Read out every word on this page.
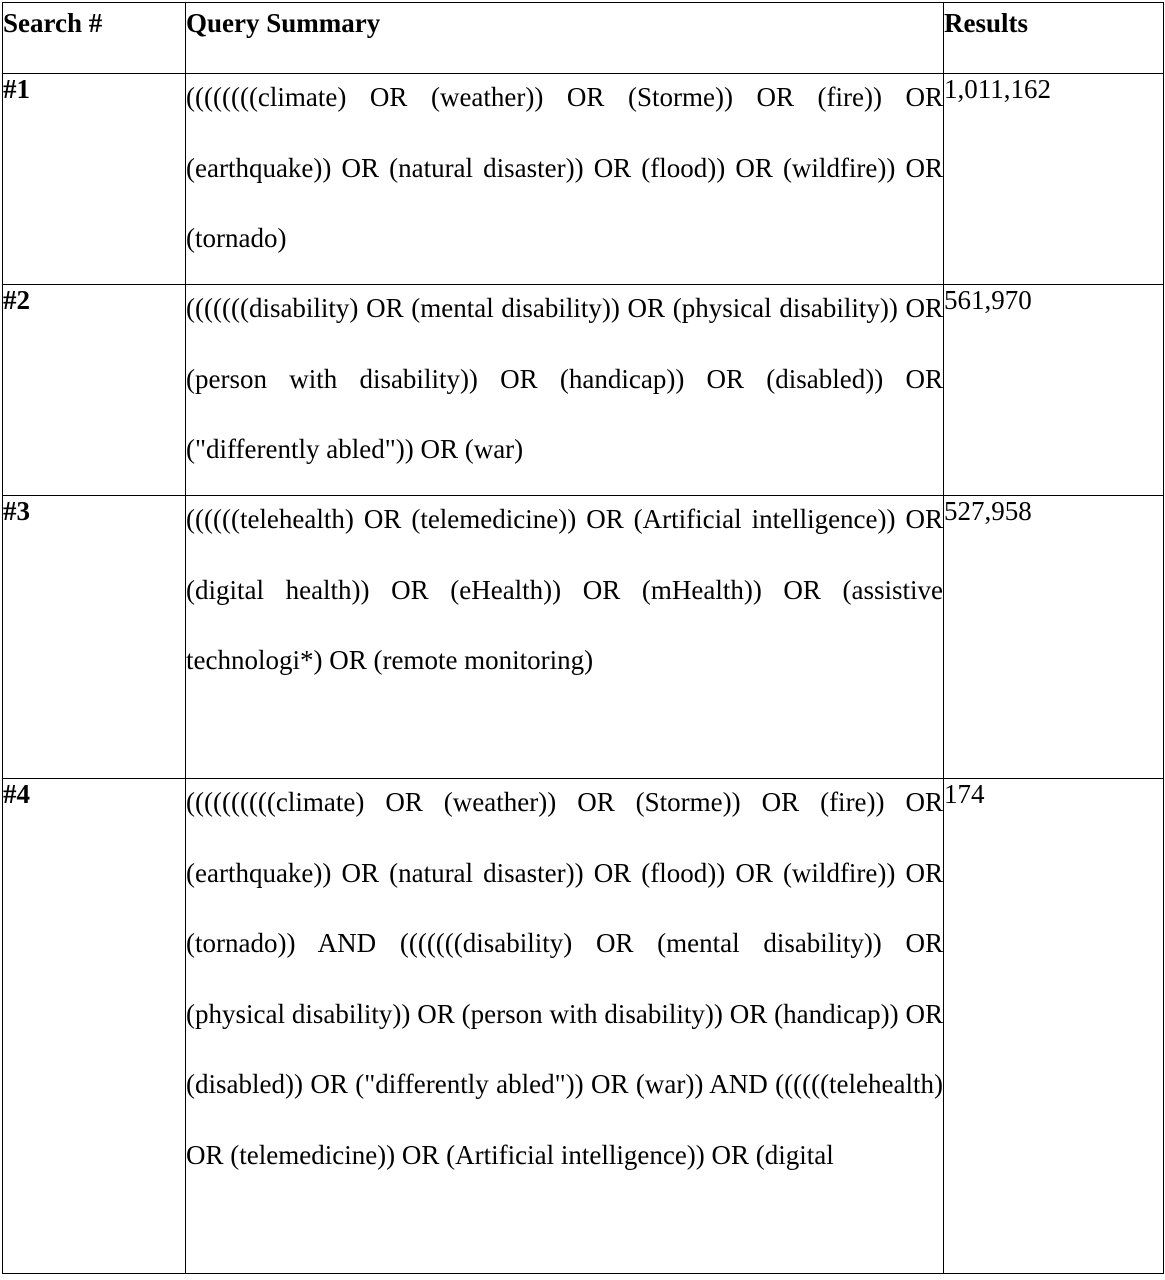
Search #	Query Summary	Results
#1	((((((((climate) OR (weather)) OR (Storme)) OR (fire)) OR (earthquake)) OR (natural disaster)) OR (flood)) OR (wildfire)) OR (tornado)	1,011,162
#2	(((((((disability) OR (mental disability)) OR (physical disability)) OR (person with disability)) OR (handicap)) OR (disabled)) OR ("differently abled")) OR (war)	561,970
#3	((((((telehealth) OR (telemedicine)) OR (Artificial intelligence)) OR (digital health)) OR (eHealth)) OR (mHealth)) OR (assistive technologi*) OR (remote monitoring)	527,958
#4	((((((((((climate) OR (weather)) OR (Storme)) OR (fire)) OR (earthquake)) OR (natural disaster)) OR (flood)) OR (wildfire)) OR (tornado)) AND (((((((disability) OR (mental disability)) OR (physical disability)) OR (person with disability)) OR (handicap)) OR (disabled)) OR ("differently abled")) OR (war)) AND ((((((telehealth) OR (telemedicine)) OR (Artificial intelligence)) OR (digital	174
